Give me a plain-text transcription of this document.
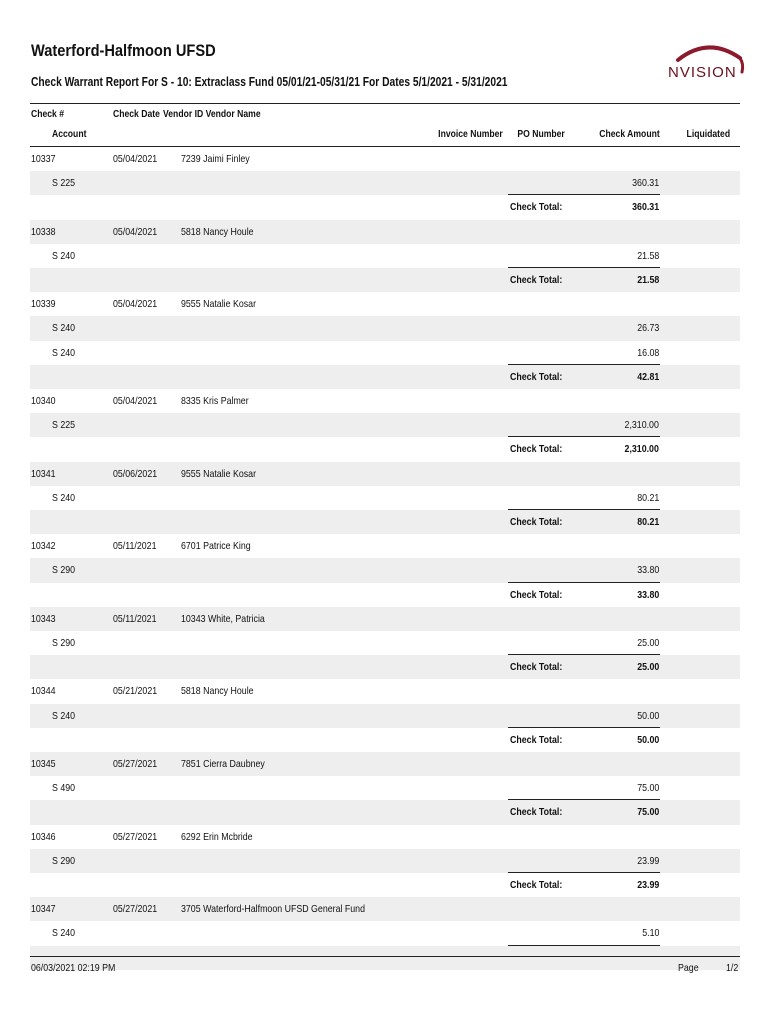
Waterford-Halfmoon UFSD
Check Warrant Report For S - 10: Extraclass Fund 05/01/21-05/31/21 For Dates 5/1/2021 - 5/31/2021
NVISION
Check #
Account
Check Date Vendor ID Vendor Name
Invoice Number PO Number	Check Amount	Liquidated
10337	05/04/2021 7239 Jaimi Finley
S 225	360.31
Check Total:	360.31
10338	05/04/2021 5818 Nancy Houle
S 240	21.58
Check Total:	21.58
10339	05/04/2021 9555 Natalie Kosar
S 240	26.73
S 240	16.08
Check Total:	42.81
10340	05/04/2021 8335 Kris Palmer
S 225	2,310.00
Check Total:	2,310.00
10341	05/06/2021 9555 Natalie Kosar
S 240	80.21
Check Total:	80.21
10342	05/11/2021 6701 Patrice King
S 290	33.80
Check Total:	33.80
10343	05/11/2021 10343 White, Patricia
S 290	25.00
Check Total:	25.00
10344	05/21/2021 5818 Nancy Houle
S 240	50.00
Check Total:	50.00
10345	05/27/2021 7851 Cierra Daubney
S 490	75.00
Check Total:	75.00
10346	05/27/2021 6292 Erin Mcbride
S 290	23.99
Check Total:	23.99
10347	05/27/2021 3705 Waterford-Halfmoon UFSD General Fund
S 240	5.10
06/03/2021 02:19 PM	Page	1/2
